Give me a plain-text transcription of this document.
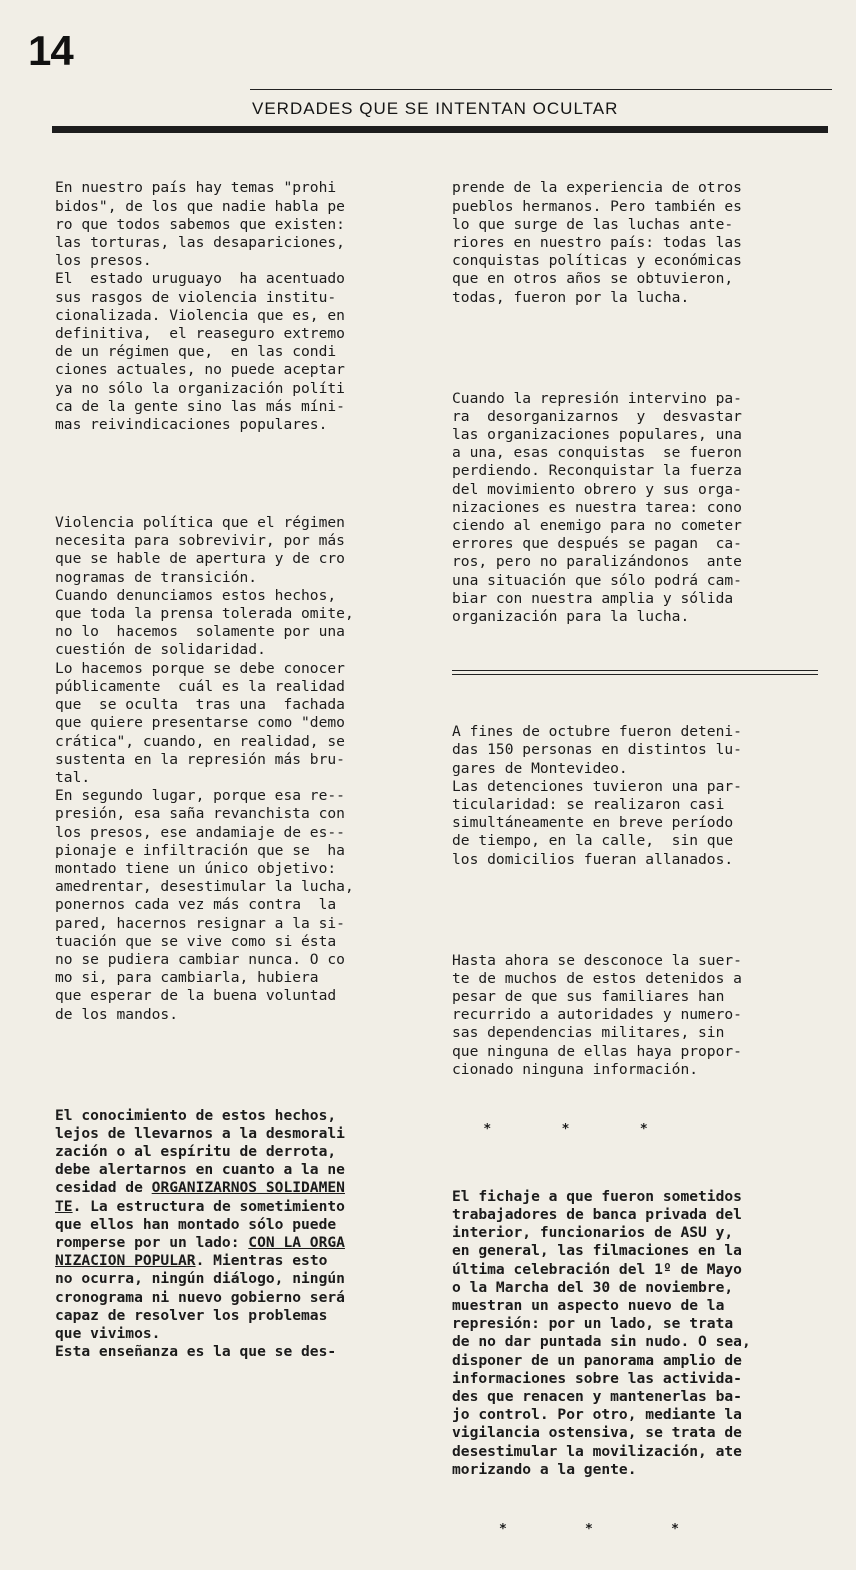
14
VERDADES QUE SE INTENTAN OCULTAR

En nuestro país hay temas "prohi
bidos", de los que nadie habla pe
ro que todos sabemos que existen:
las torturas, las desapariciones,
los presos.
El  estado uruguayo  ha acentuado
sus rasgos de violencia institu-
cionalizada. Violencia que es, en
definitiva,  el reaseguro extremo
de un régimen que,  en las condi
ciones actuales, no puede aceptar
ya no sólo la organización políti
ca de la gente sino las más míni-
mas reivindicaciones populares.

Violencia política que el régimen
necesita para sobrevivir, por más
que se hable de apertura y de cro
nogramas de transición.
Cuando denunciamos estos hechos,
que toda la prensa tolerada omite,
no lo  hacemos  solamente por una
cuestión de solidaridad.
Lo hacemos porque se debe conocer
públicamente  cuál es la realidad
que  se oculta  tras una  fachada
que quiere presentarse como "demo
crática", cuando, en realidad, se
sustenta en la represión más bru-
tal.
En segundo lugar, porque esa re--
presión, esa saña revanchista con
los presos, ese andamiaje de es--
pionaje e infiltración que se  ha
montado tiene un único objetivo:
amedrentar, desestimular la lucha,
ponernos cada vez más contra  la
pared, hacernos resignar a la si-
tuación que se vive como si ésta
no se pudiera cambiar nunca. O co
mo si, para cambiarla, hubiera
que esperar de la buena voluntad
de los mandos.

El conocimiento de estos hechos,
lejos de llevarnos a la desmorali
zación o al espíritu de derrota,
debe alertarnos en cuanto a la ne
cesidad de ORGANIZARNOS SOLIDAMEN
TE. La estructura de sometimiento
que ellos han montado sólo puede
romperse por un lado: CON LA ORGA
NIZACION POPULAR. Mientras esto
no ocurra, ningún diálogo, ningún
cronograma ni nuevo gobierno será
capaz de resolver los problemas
que vivimos.
Esta enseñanza es la que se des-

prende de la experiencia de otros
pueblos hermanos. Pero también es
lo que surge de las luchas ante-
riores en nuestro país: todas las
conquistas políticas y económicas
que en otros años se obtuvieron,
todas, fueron por la lucha.

Cuando la represión intervino pa-
ra  desorganizarnos  y  desvastar
las organizaciones populares, una
a una, esas conquistas  se fueron
perdiendo. Reconquistar la fuerza
del movimiento obrero y sus orga-
nizaciones es nuestra tarea: cono
ciendo al enemigo para no cometer
errores que después se pagan  ca-
ros, pero no paralizándonos  ante
una situación que sólo podrá cam-
biar con nuestra amplia y sólida
organización para la lucha.

A fines de octubre fueron deteni-
das 150 personas en distintos lu-
gares de Montevideo.
Las detenciones tuvieron una par-
ticularidad: se realizaron casi
simultáneamente en breve período
de tiempo, en la calle,  sin que
los domicilios fueran allanados.

Hasta ahora se desconoce la suer-
te de muchos de estos detenidos a
pesar de que sus familiares han
recurrido a autoridades y numero-
sas dependencias militares, sin
que ninguna de ellas haya propor-
cionado ninguna información.

*         *         *

El fichaje a que fueron sometidos
trabajadores de banca privada del
interior, funcionarios de ASU y,
en general, las filmaciones en la
última celebración del 1º de Mayo
o la Marcha del 30 de noviembre,
muestran un aspecto nuevo de la
represión: por un lado, se trata
de no dar puntada sin nudo. O sea,
disponer de un panorama amplio de
informaciones sobre las activida-
des que renacen y mantenerlas ba-
jo control. Por otro, mediante la
vigilancia ostensiva, se trata de
desestimular la movilización, ate
morizando a la gente.

*          *          *
